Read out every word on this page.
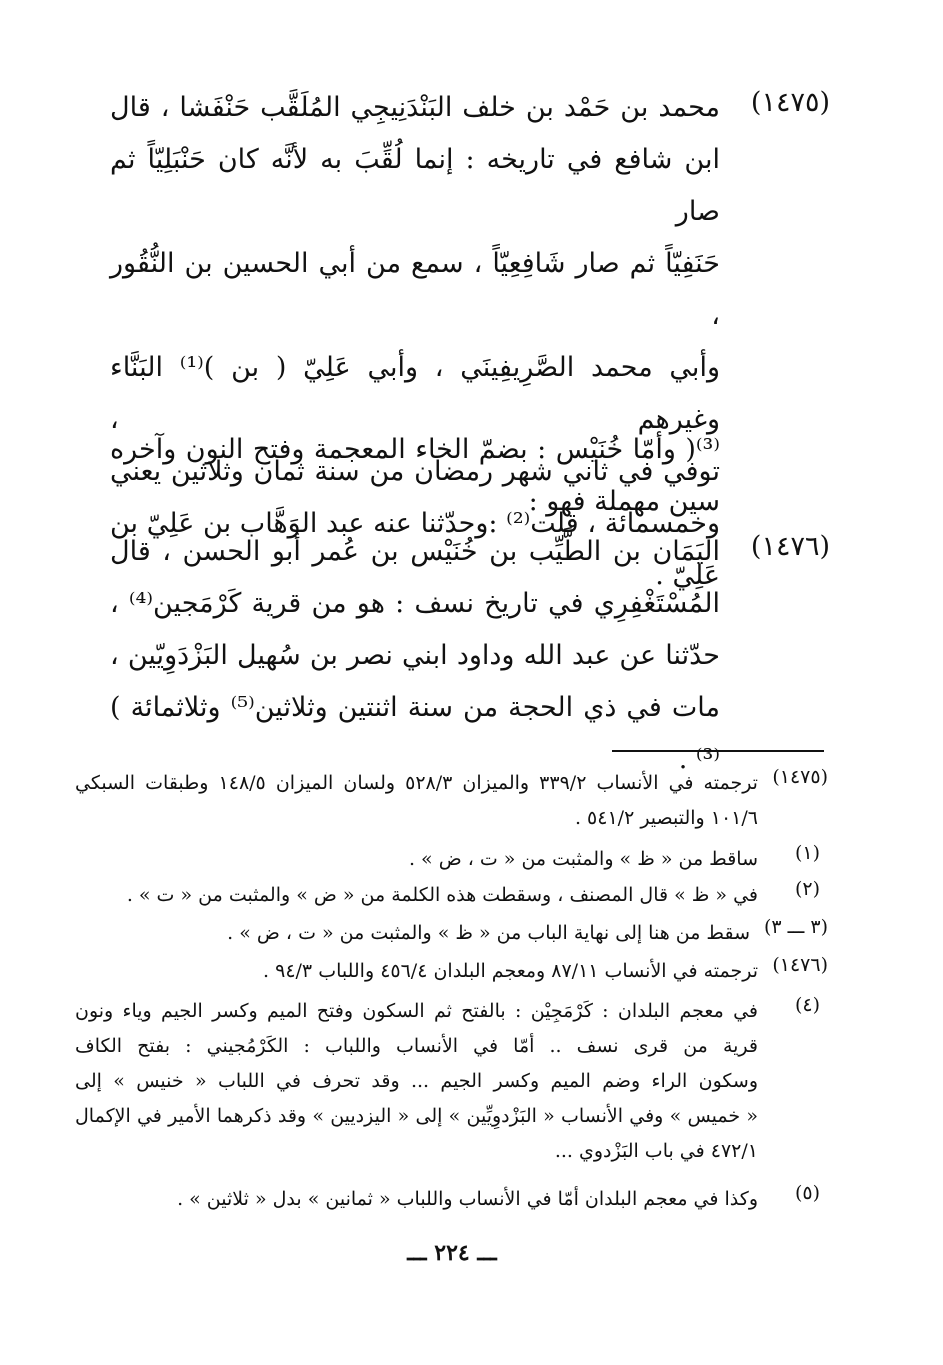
(١٤٧٥)
محمد بن حَمْد بن خلف البَنْدَنِيجِي المُلَقَّب حَنْفَشا ، قال
ابن شافع في تاريخه : إنما لُقِّبَ به لأنَّه كان حَنْبَلِيّاً ثم صار
حَنَفِيّاً ثم صار شَافِعِيّاً ، سمع من أبي الحسين بن النُّقُور ،
وأبي محمد الصَّرِيفِينَي ، وأبي عَلِيّ ( بن )⁽¹⁾ البَنَّاء وغيرهم ،
توفي في ثاني شهر رمضان من سنة ثمان وثلاثين يعني
وخمسمائة ، قلت⁽²⁾ :وحدّثنا عنه عبد الوَهَّاب بن عَلِيّ بن
عَلِيّ .
⁽³⁾( وأمّا خُنَيْس : بضمّ الخاء المعجمة وفتح النون وآخره
سين مهملة فهو :
(١٤٧٦)
اليَمَان بن الطَّيِّب بن خُنَيْس بن عُمر أبو الحسن ، قال
المُسْتَغْفِرِي في تاريخ نسف : هو من قرية كَرْمَجين⁽⁴⁾ ،
حدّثنا عن عبد الله وداود ابني نصر بن سُهيل البَزْدَوِيّين ،
مات في ذي الحجة من سنة اثنتين وثلاثين⁽⁵⁾ وثلاثمائة )⁽³⁾ .
(١٤٧٥)
ترجمته في الأنساب ٣٣٩/٢ والميزان ٥٢٨/٣ ولسان الميزان ١٤٨/٥ وطبقات السبكي
١٠١/٦ والتبصير ٥٤١/٢ .
(١)
ساقط من « ظ » والمثبت من « ت ، ض » .
(٢)
في « ظ » قال المصنف ، وسقطت هذه الكلمة من « ض » والمثبت من « ت » .
(٣ ـــ ٣)
سقط من هنا إلى نهاية الباب من « ظ » والمثبت من « ت ، ض » .
(١٤٧٦)
ترجمته في الأنساب ٨٧/١١ ومعجم البلدان ٤٥٦/٤ واللباب ٩٤/٣ .
(٤)
في معجم البلدان : كَرْمَجِيْن : بالفتح ثم السكون وفتح الميم وكسر الجيم وياء ونون
قرية من قرى نسف .. أمّا في الأنساب واللباب : الكَرْمُجيني : بفتح الكاف
وسكون الراء وضم الميم وكسر الجيم ... وقد تحرف في اللباب « خنيس » إلى
« خميس » وفي الأنساب « البَزْدوِيِّين » إلى « اليزديين » وقد ذكرهما الأمير في الإكمال
٤٧٢/١ في باب البَزْدوي ...
(٥)
وكذا في معجم البلدان أمّا في الأنساب واللباب « ثمانين » بدل « ثلاثين » .
ـــ ٢٢٤ ـــ
